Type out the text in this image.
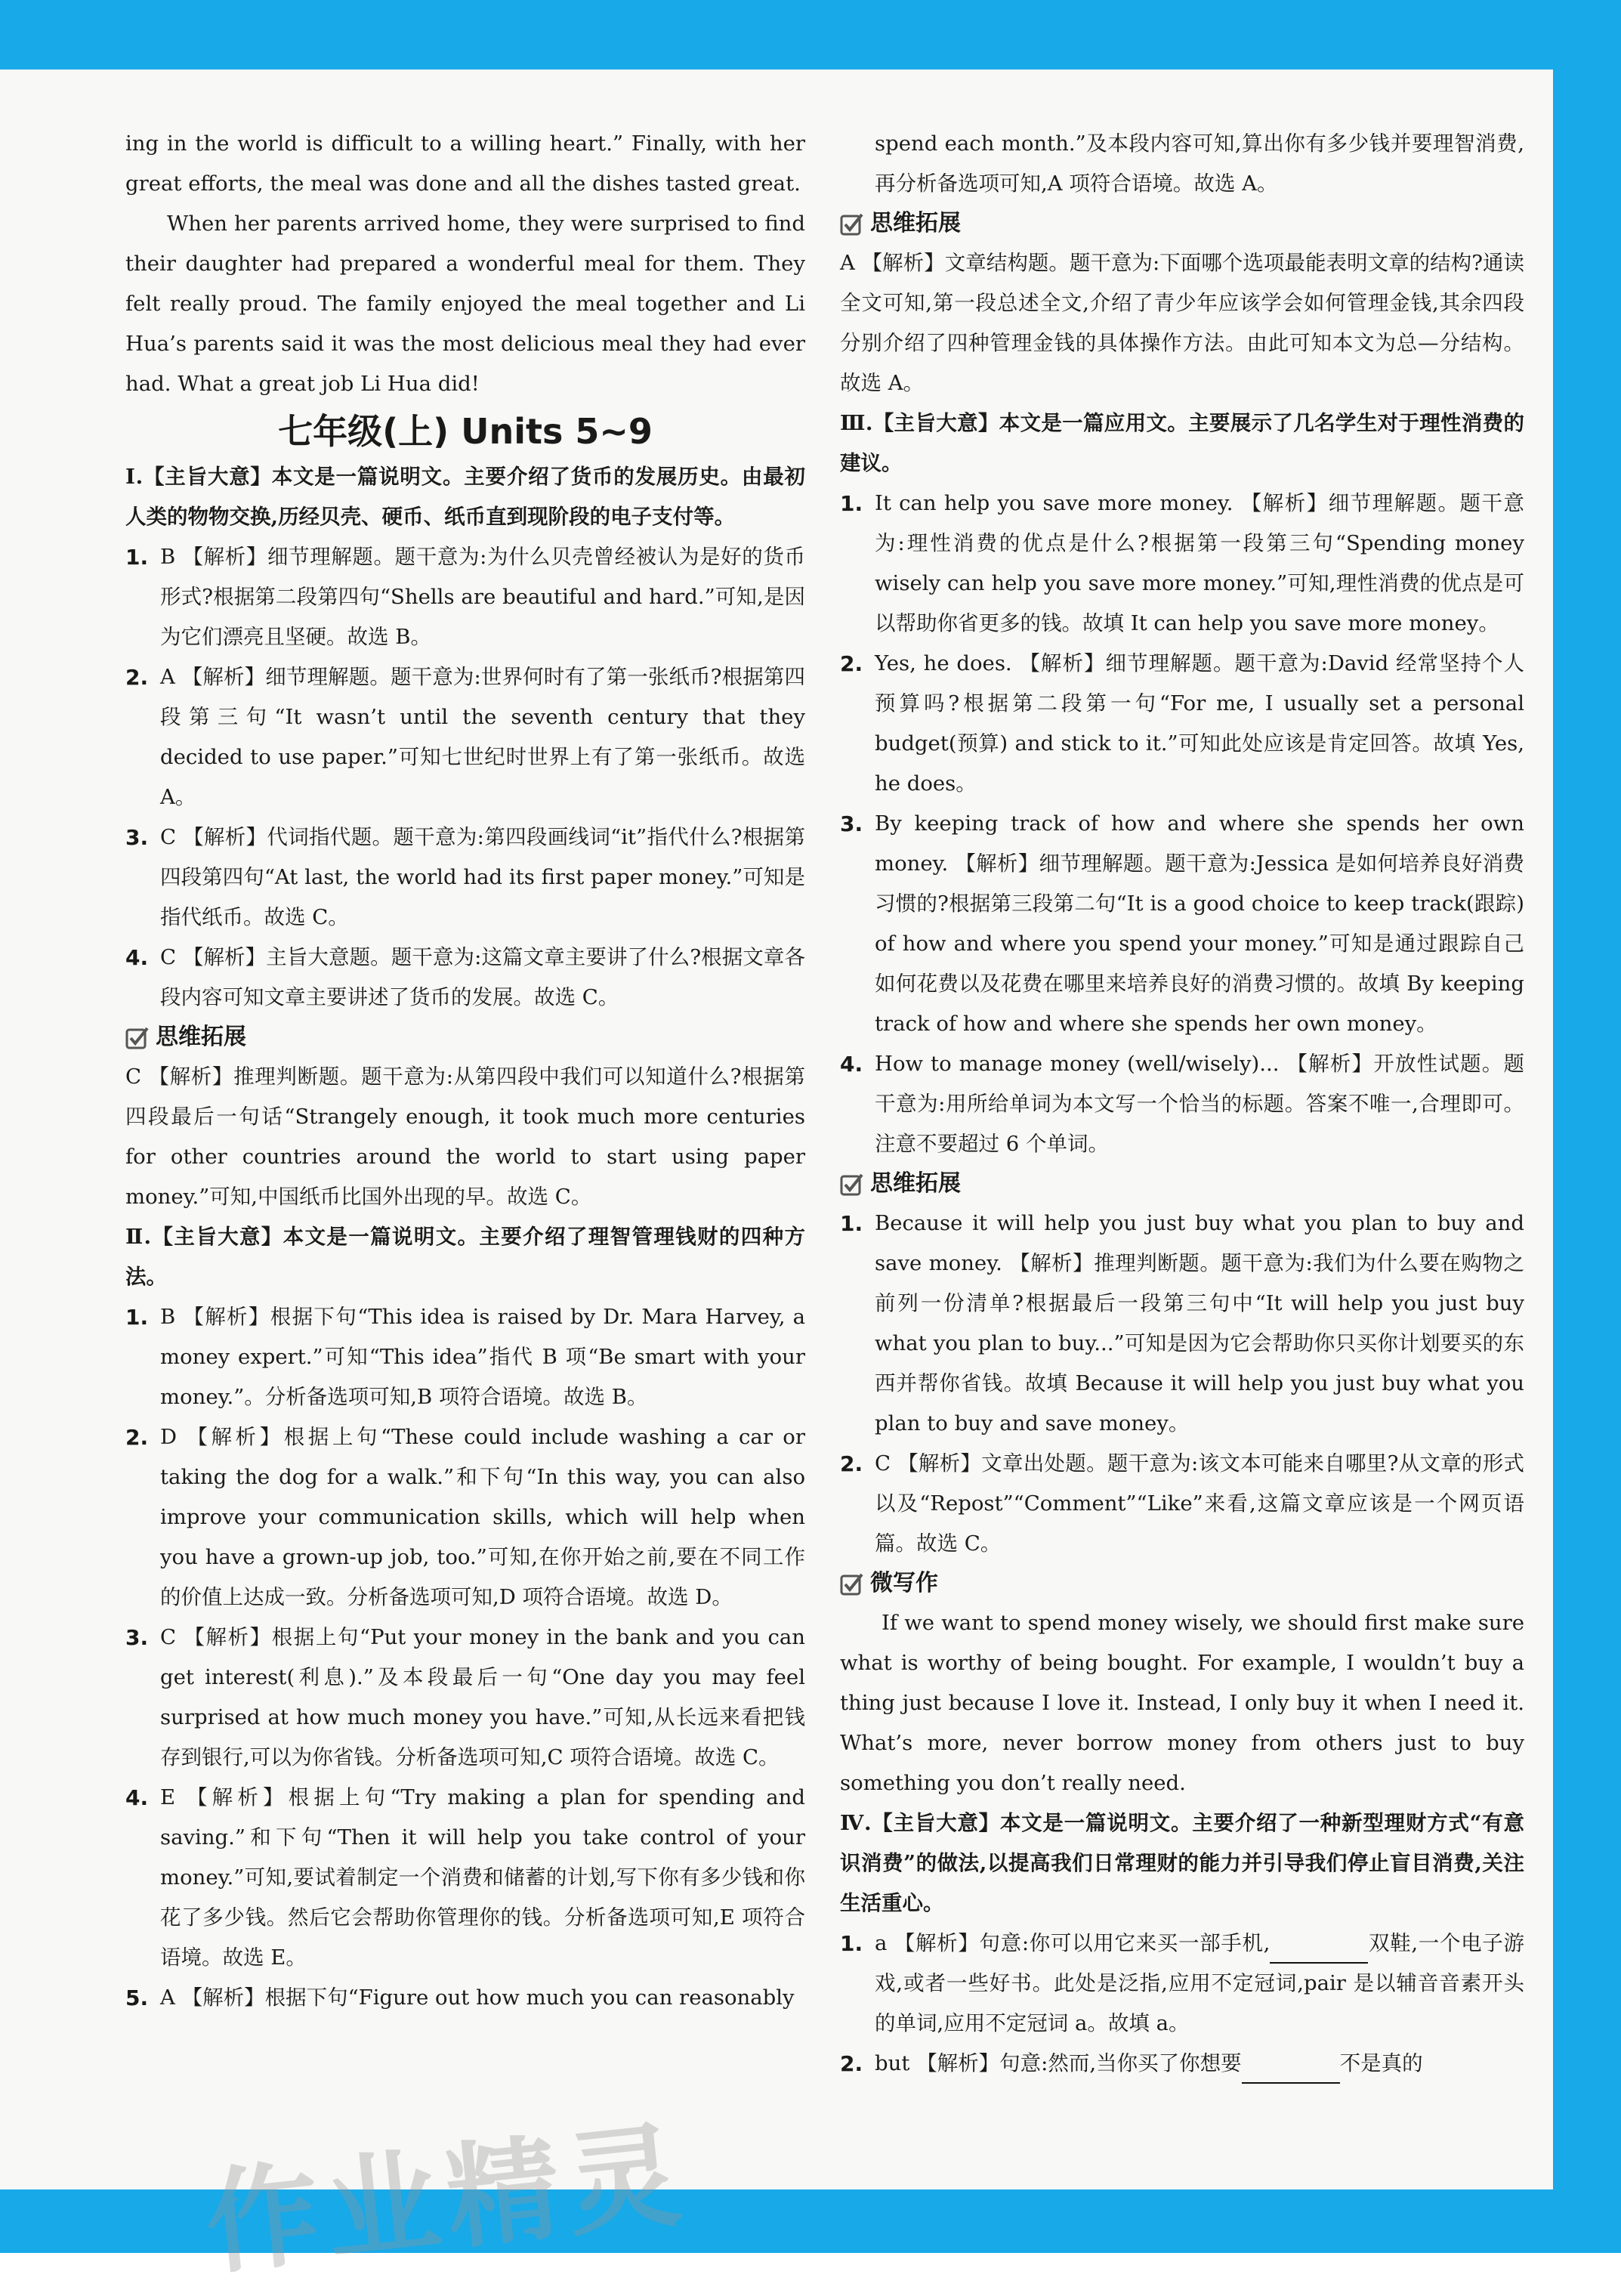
ing in the world is difficult to a willing heart.” Finally, with her great efforts, the meal was done and all the dishes tasted great.

When her parents arrived home, they were surprised to find their daughter had prepared a wonderful meal for them. They felt really proud. The family enjoyed the meal together and Li Hua’s parents said it was the most delicious meal they had ever had. What a great job Li Hua did!

七年级(上) Units 5~9

Ⅰ.【主旨大意】本文是一篇说明文。主要介绍了货币的发展历史。由最初人类的物物交换,历经贝壳、硬币、纸币直到现阶段的电子支付等。

1. B 【解析】细节理解题。题干意为:为什么贝壳曾经被认为是好的货币形式?根据第二段第四句“Shells are beautiful and hard.”可知,是因为它们漂亮且坚硬。故选 B。
2. A 【解析】细节理解题。题干意为:世界何时有了第一张纸币?根据第四段第三句“It wasn’t until the seventh century that they decided to use paper.”可知七世纪时世界上有了第一张纸币。故选 A。
3. C 【解析】代词指代题。题干意为:第四段画线词“it”指代什么?根据第四段第四句“At last, the world had its first paper money.”可知是指代纸币。故选 C。
4. C 【解析】主旨大意题。题干意为:这篇文章主要讲了什么?根据文章各段内容可知文章主要讲述了货币的发展。故选 C。
思维拓展

C 【解析】推理判断题。题干意为:从第四段中我们可以知道什么?根据第四段最后一句话“Strangely enough, it took much more centuries for other countries around the world to start using paper money.”可知,中国纸币比国外出现的早。故选 C。

Ⅱ.【主旨大意】本文是一篇说明文。主要介绍了理智管理钱财的四种方法。

1. B 【解析】根据下句“This idea is raised by Dr. Mara Harvey, a money expert.”可知“This idea”指代 B 项“Be smart with your money.”。分析备选项可知,B 项符合语境。故选 B。
2. D 【解析】根据上句“These could include washing a car or taking the dog for a walk.”和下句“In this way, you can also improve your communication skills, which will help when you have a grown-up job, too.”可知,在你开始之前,要在不同工作的价值上达成一致。分析备选项可知,D 项符合语境。故选 D。
3. C 【解析】根据上句“Put your money in the bank and you can get interest(利息).”及本段最后一句“One day you may feel surprised at how much money you have.”可知,从长远来看把钱存到银行,可以为你省钱。分析备选项可知,C 项符合语境。故选 C。
4. E 【解析】根据上句“Try making a plan for spending and saving.”和下句“Then it will help you take control of your money.”可知,要试着制定一个消费和储蓄的计划,写下你有多少钱和你花了多少钱。然后它会帮助你管理你的钱。分析备选项可知,E 项符合语境。故选 E。
5. A 【解析】根据下句“Figure out how much you can reasonably

spend each month.”及本段内容可知,算出你有多少钱并要理智消费,再分析备选项可知,A 项符合语境。故选 A。

思维拓展

A 【解析】文章结构题。题干意为:下面哪个选项最能表明文章的结构?通读全文可知,第一段总述全文,介绍了青少年应该学会如何管理金钱,其余四段分别介绍了四种管理金钱的具体操作方法。由此可知本文为总—分结构。故选 A。

Ⅲ.【主旨大意】本文是一篇应用文。主要展示了几名学生对于理性消费的建议。

1. It can help you save more money. 【解析】细节理解题。题干意为:理性消费的优点是什么?根据第一段第三句“Spending money wisely can help you save more money.”可知,理性消费的优点是可以帮助你省更多的钱。故填 It can help you save more money。
2. Yes, he does. 【解析】细节理解题。题干意为:David 经常坚持个人预算吗?根据第二段第一句“For me, I usually set a personal budget(预算) and stick to it.”可知此处应该是肯定回答。故填 Yes, he does。
3. By keeping track of how and where she spends her own money. 【解析】细节理解题。题干意为:Jessica 是如何培养良好消费习惯的?根据第三段第二句“It is a good choice to keep track(跟踪) of how and where you spend your money.”可知是通过跟踪自己如何花费以及花费在哪里来培养良好的消费习惯的。故填 By keeping track of how and where she spends her own money。
4. How to manage money (well/wisely)... 【解析】开放性试题。题干意为:用所给单词为本文写一个恰当的标题。答案不唯一,合理即可。注意不要超过 6 个单词。
思维拓展
1. Because it will help you just buy what you plan to buy and save money. 【解析】推理判断题。题干意为:我们为什么要在购物之前列一份清单?根据最后一段第三句中“It will help you just buy what you plan to buy...”可知是因为它会帮助你只买你计划要买的东西并帮你省钱。故填 Because it will help you just buy what you plan to buy and save money。
2. C 【解析】文章出处题。题干意为:该文本可能来自哪里?从文章的形式以及“Repost”“Comment”“Like”来看,这篇文章应该是一个网页语篇。故选 C。
微写作

If we want to spend money wisely, we should first make sure what is worthy of being bought. For example, I wouldn’t buy a thing just because I love it. Instead, I only buy it when I need it. What’s more, never borrow money from others just to buy something you don’t really need.

Ⅳ.【主旨大意】本文是一篇说明文。主要介绍了一种新型理财方式“有意识消费”的做法,以提高我们日常理财的能力并引导我们停止盲目消费,关注生活重心。

1. a 【解析】句意:你可以用它来买一部手机,	双鞋,一个电子游戏,或者一些好书。此处是泛指,应用不定冠词,pair 是以辅音音素开头的单词,应用不定冠词 a。故填 a。
2. but 【解析】句意:然而,当你买了你想要	不是真的
作业精灵
